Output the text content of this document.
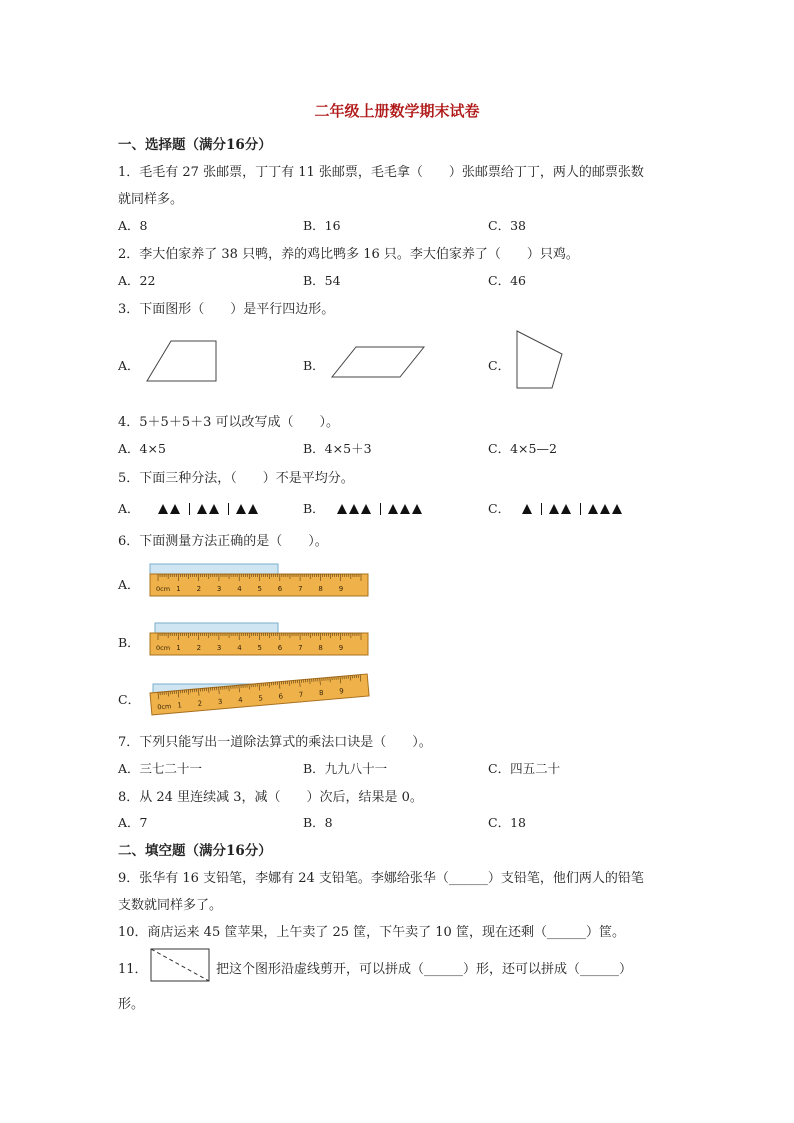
二年级上册数学期末试卷
一、选择题（满分16分）
1．毛毛有 27 张邮票，丁丁有 11 张邮票，毛毛拿（　　）张邮票给丁丁，两人的邮票张数
就同样多。
A．8	B．16	C．38
2．李大伯家养了 38 只鸭，养的鸡比鸭多 16 只。李大伯家养了（　　）只鸡。
A．22	B．54	C．46
3．下面图形（　　）是平行四边形。
A．	B．	C．
4．5＋5＋5＋3 可以改写成（　　）。
A．4×5	B．4×5＋3	C．4×5—2
5．下面三种分法，（　　）不是平均分。
A．	B．	C．
6．下面测量方法正确的是（　　）。
A．
B．
C．
0cm 1 2 3 4 5 6 7 8 9
0cm 1 2 3 4 5 6 7 8 9
0cm 1 2 3 4 5 6 7 8 9
7．下列只能写出一道除法算式的乘法口诀是（　　）。
A．三七二十一	B．九九八十一	C．四五二十
8．从 24 里连续减 3，减（　　）次后，结果是 0。
A．7	B．8	C．18
二、填空题（满分16分）
9．张华有 16 支铅笔，李娜有 24 支铅笔。李娜给张华（______）支铅笔，他们两人的铅笔
支数就同样多了。
10．商店运来 45 筐苹果，上午卖了 25 筐，下午卖了 10 筐，现在还剩（______）筐。
11．	把这个图形沿虚线剪开，可以拼成（______）形，还可以拼成（______）
形。
